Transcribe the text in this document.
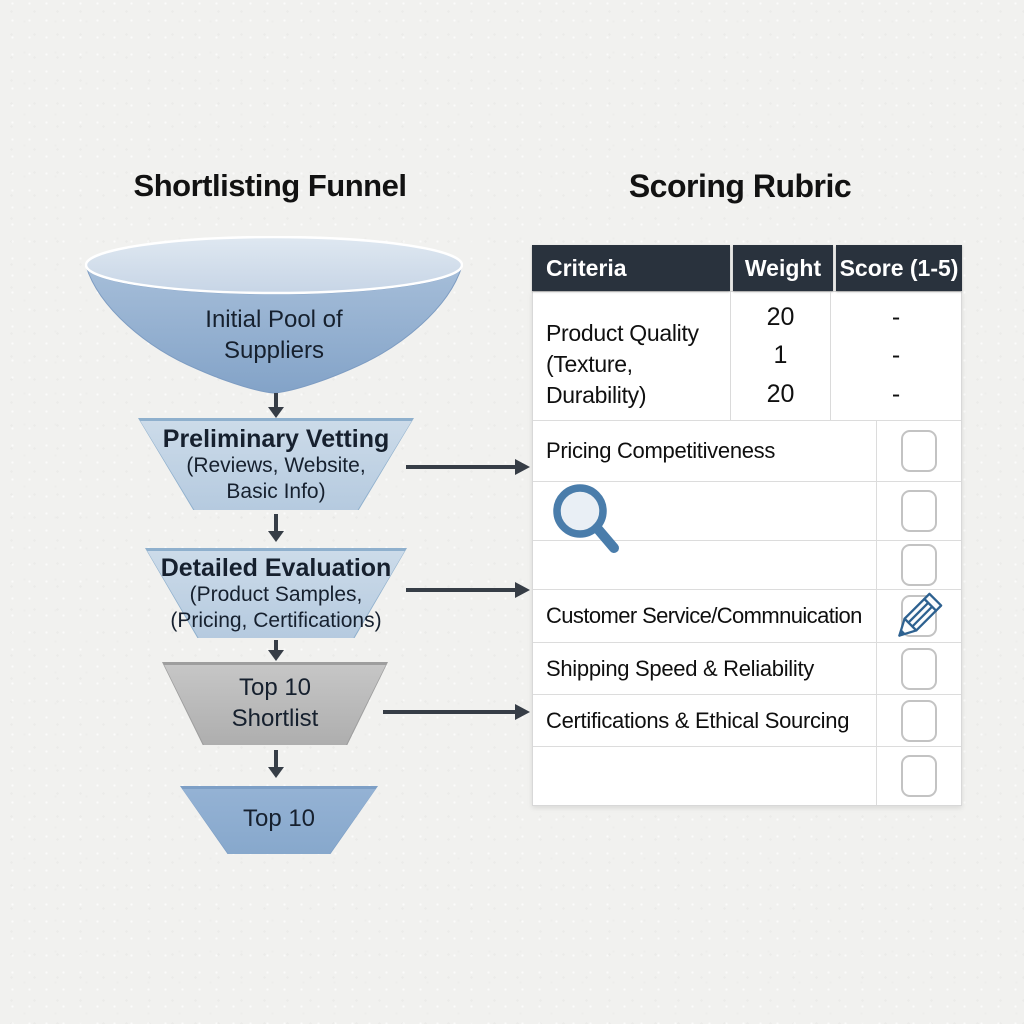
Shortlisting Funnel	Scoring Rubric
Initial Pool of
Suppliers
Preliminary Vetting
(Reviews, Website,
Basic Info)
Detailed Evaluation
(Product Samples,
(Pricing, Certifications)
Top 10
Shortlist
Top 10
Criteria	Weight Score (1-5)
Product Quality
(Texture, Durability)
20
1
20
-
-
-
Pricing Competitiveness
Customer Service/Commnuication
Shipping Speed & Reliability
Certifications & Ethical Sourcing
